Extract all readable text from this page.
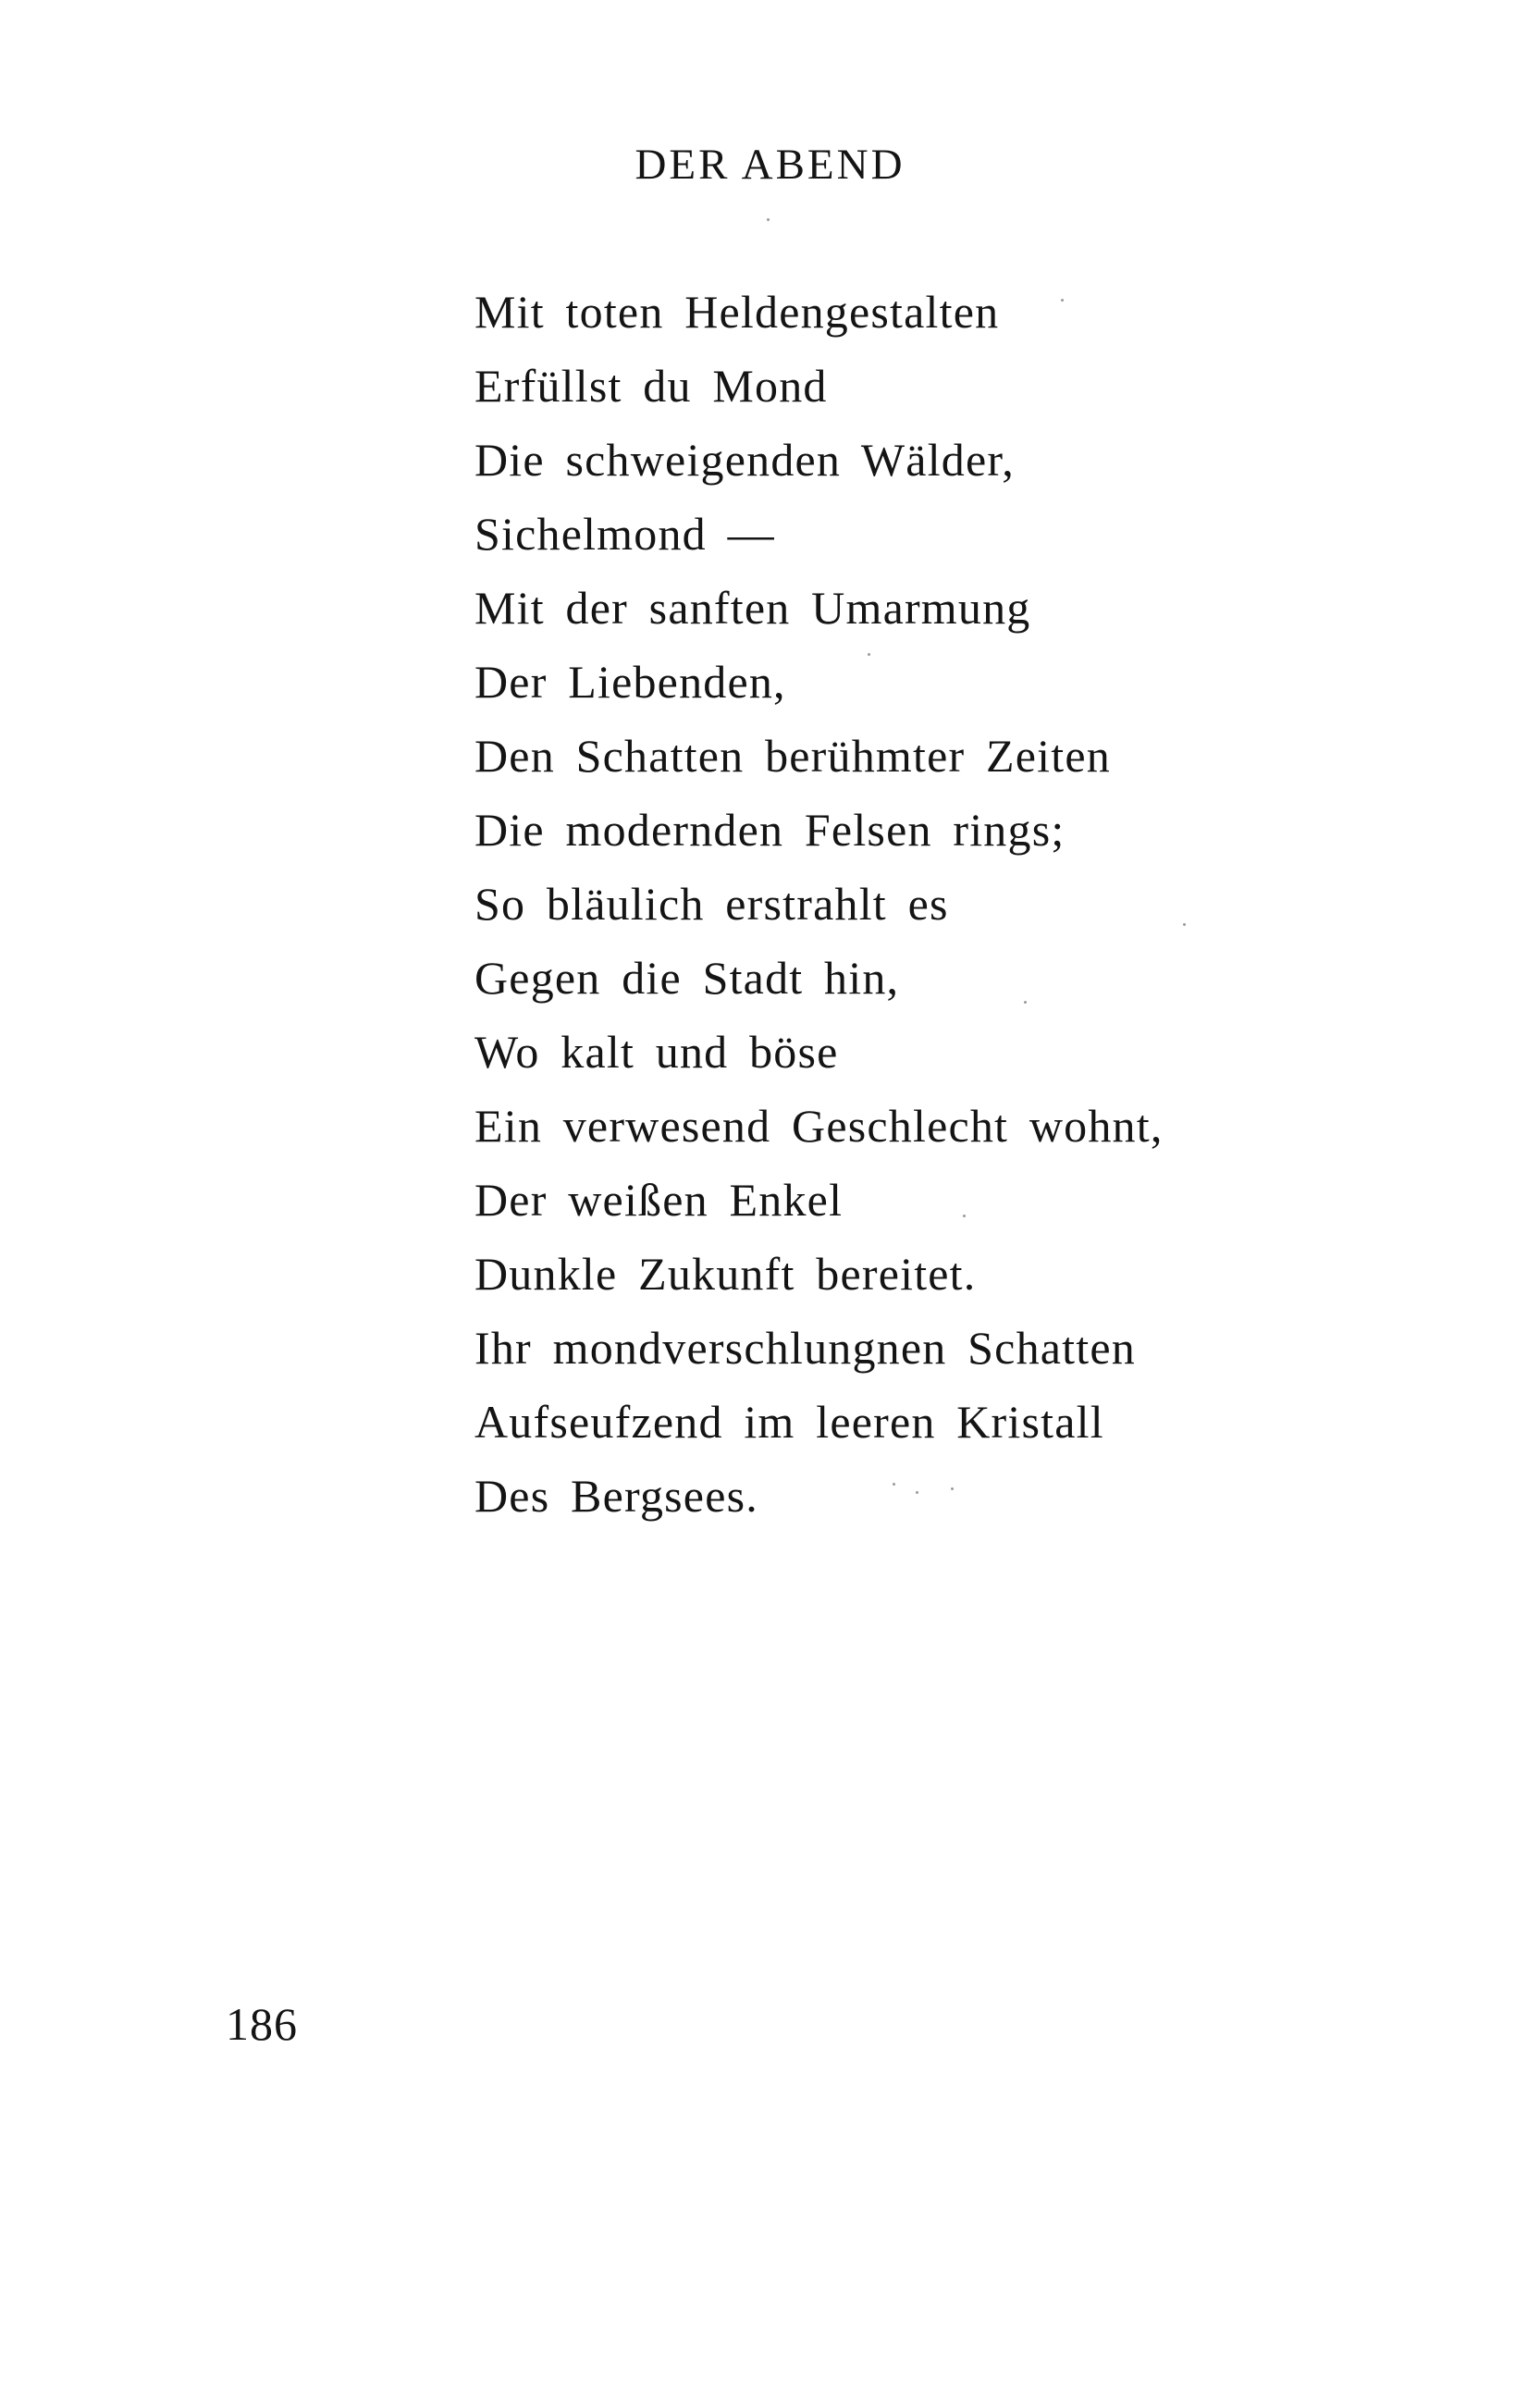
DER ABEND
Mit toten Heldengestalten
Erfüllst du Mond
Die schweigenden Wälder,
Sichelmond —
Mit der sanften Umarmung
Der Liebenden,
Den Schatten berühmter Zeiten
Die modernden Felsen rings;
So bläulich erstrahlt es
Gegen die Stadt hin,
Wo kalt und böse
Ein verwesend Geschlecht wohnt,
Der weißen Enkel
Dunkle Zukunft bereitet.
Ihr mondverschlungnen Schatten
Aufseufzend im leeren Kristall
Des Bergsees.
186
